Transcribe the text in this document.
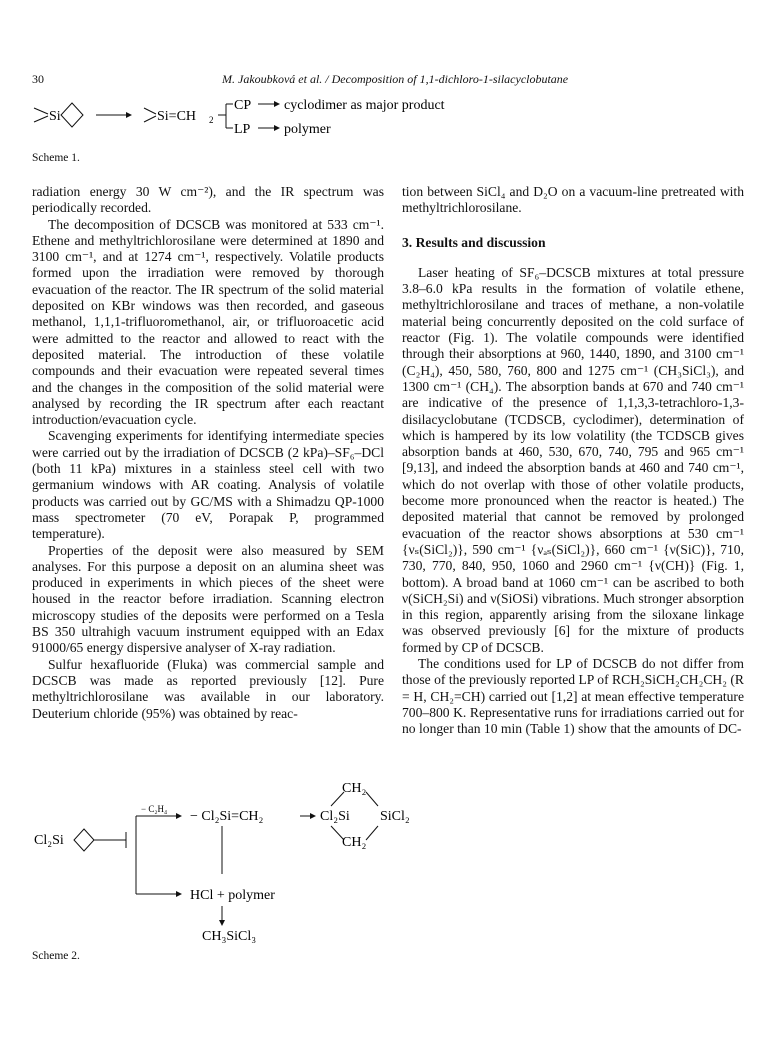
30	M. Jakoubková et al. / Decomposition of 1,1-dichloro-1-silacyclobutane
Si	Si=CH 2
CP cyclodimer as major product
LP polymer
Scheme 1.

radiation energy 30 W cm⁻²), and the IR spectrum was periodically recorded.

The decomposition of DCSCB was monitored at 533 cm⁻¹. Ethene and methyltrichlorosilane were determined at 1890 and 3100 cm⁻¹, and at 1274 cm⁻¹, respectively. Volatile products formed upon the irradiation were removed by thorough evacuation of the reactor. The IR spectrum of the solid material deposited on KBr windows was then recorded, and gaseous methanol, 1,1,1-trifluoromethanol, air, or trifluoroacetic acid were admitted to the reactor and allowed to react with the deposited material. The introduction of these volatile compounds and their evacuation were repeated several times and the changes in the composition of the solid material were analysed by recording the IR spectrum after each reactant introduction/evacuation cycle.

Scavenging experiments for identifying intermediate species were carried out by the irradiation of DCSCB (2 kPa)–SF₆–DCl (both 11 kPa) mixtures in a stainless steel cell with two germanium windows with AR coating. Analysis of volatile products was carried out by GC/MS with a Shimadzu QP-1000 mass spectrometer (70 eV, Porapak P, programmed temperature).

Properties of the deposit were also measured by SEM analyses. For this purpose a deposit on an alumina sheet was produced in experiments in which pieces of the sheet were housed in the reactor before irradiation. Scanning electron microscopy studies of the deposits were performed on a Tesla BS 350 ultrahigh vacuum instrument equipped with an Edax 91000/65 energy dispersive analyser of X-ray radiation.

Sulfur hexafluoride (Fluka) was commercial sample and DCSCB was made as reported previously [12]. Pure methyltrichlorosilane was available in our laboratory. Deuterium chloride (95%) was obtained by reac-

tion between SiCl₄ and D₂O on a vacuum-line pretreated with methyltrichlorosilane.

3. Results and discussion

Laser heating of SF₆–DCSCB mixtures at total pressure 3.8–6.0 kPa results in the formation of volatile ethene, methyltrichlorosilane and traces of methane, a non-volatile material being concurrently deposited on the cold surface of reactor (Fig. 1). The volatile compounds were identified through their absorptions at 960, 1440, 1890, and 3100 cm⁻¹ (C₂H₄), 450, 580, 760, 800 and 1275 cm⁻¹ (CH₃SiCl₃), and 1300 cm⁻¹ (CH₄). The absorption bands at 670 and 740 cm⁻¹ are indicative of the presence of 1,1,3,3-tetrachloro-1,3-disilacyclobutane (TCDSCB, cyclodimer), determination of which is hampered by its low volatility (the TCDSCB gives absorption bands at 460, 530, 670, 740, 795 and 965 cm⁻¹ [9,13], and indeed the absorption bands at 460 and 740 cm⁻¹, which do not overlap with those of other volatile products, become more pronounced when the reactor is heated.) The deposited material that cannot be removed by prolonged evacuation of the reactor shows absorptions at 530 cm⁻¹ {νₛ(SiCl₂)}, 590 cm⁻¹ {νₐₛ(SiCl₂)}, 660 cm⁻¹ {ν(SiC)}, 710, 730, 770, 840, 950, 1060 and 2960 cm⁻¹ {ν(CH)} (Fig. 1, bottom). A broad band at 1060 cm⁻¹ can be ascribed to both ν(SiCH₂Si) and ν(SiOSi) vibrations. Much stronger absorption in this region, apparently arising from the siloxane linkage was observed previously [6] for the mixture of products formed by CP of DCSCB.

The conditions used for LP of DCSCB do not differ from those of the previously reported LP of RCH₂SiCH₂CH₂CH₂ (R = H, CH₂=CH) carried out [1,2] at mean effective temperature 700–800 K. Representative runs for irradiations carried out for no longer than 10 min (Table 1) show that the amounts of DC-

Cl₂Si
− C₂H₄ − Cl₂Si=CH₂
CH₂
Cl₂Si SiCl₂
CH₂
HCl + polymer
CH₃SiCl₃
Scheme 2.
